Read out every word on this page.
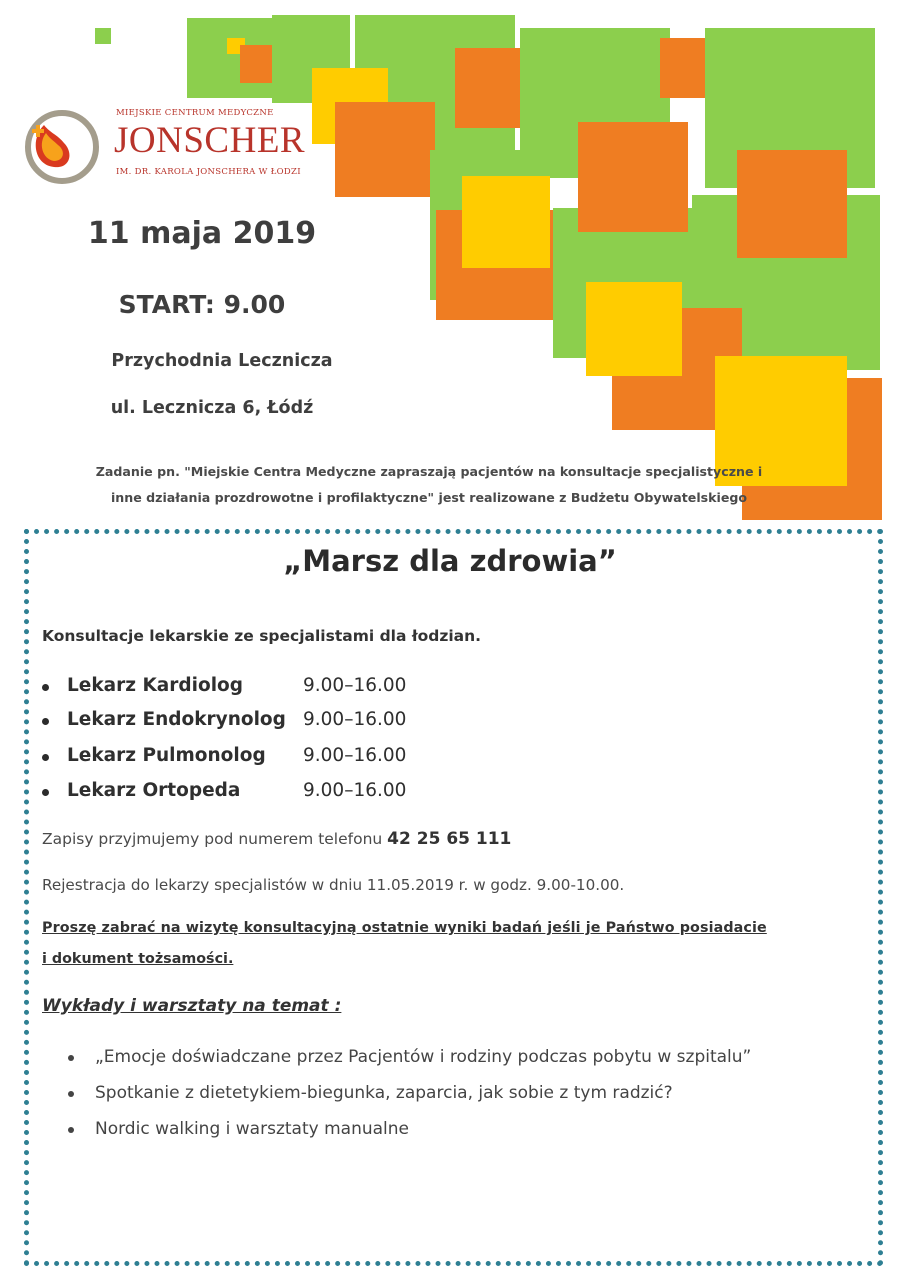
MIEJSKIE CENTRUM MEDYCZNE
JONSCHER
IM. DR. KAROLA JONSCHERA W ŁODZI
11 maja 2019
START: 9.00
Przychodnia Lecznicza
ul. Lecznicza 6, Łódź
Zadanie pn. "Miejskie Centra Medyczne zapraszają pacjentów na konsultacje specjalistyczne i
inne działania prozdrowotne i profilaktyczne" jest realizowane z Budżetu Obywatelskiego
„Marsz dla zdrowia”
Konsultacje lekarskie ze specjalistami dla łodzian.
Lekarz Kardiolog	9.00–16.00
Lekarz Endokrynolog 9.00–16.00
Lekarz Pulmonolog 9.00–16.00
Lekarz Ortopeda	9.00–16.00
Zapisy przyjmujemy pod numerem telefonu 42 25 65 111
Rejestracja do lekarzy specjalistów w dniu 11.05.2019 r. w godz. 9.00-10.00.
Proszę zabrać na wizytę konsultacyjną ostatnie wyniki badań jeśli je Państwo posiadacie
i dokument tożsamości.
Wykłady i warsztaty na temat :
„Emocje doświadczane przez Pacjentów i rodziny podczas pobytu w szpitalu”
Spotkanie z dietetykiem-biegunka, zaparcia, jak sobie z tym radzić?
Nordic walking i warsztaty manualne
